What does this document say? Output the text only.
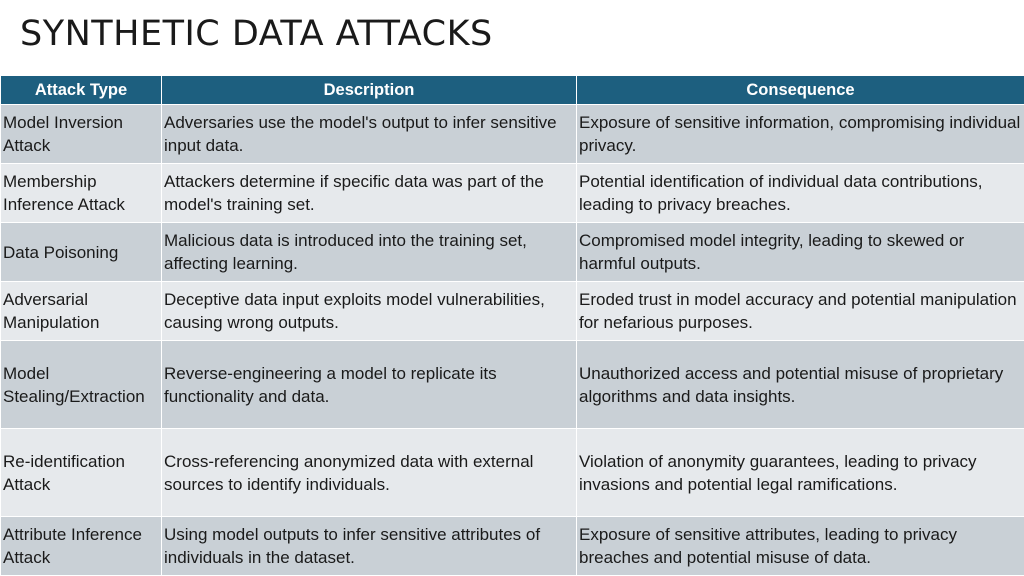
SYNTHETIC DATA ATTACKS
Attack Type	Description	Consequence
Model Inversion Attack	Adversaries use the model's output to infer sensitive input data.	Exposure of sensitive information, compromising individual privacy.
Membership Inference Attack	Attackers determine if specific data was part of the model's training set.	Potential identification of individual data contributions, leading to privacy breaches.
Data Poisoning	Malicious data is introduced into the training set, affecting learning.	Compromised model integrity, leading to skewed or harmful outputs.
Adversarial Manipulation	Deceptive data input exploits model vulnerabilities, causing wrong outputs.	Eroded trust in model accuracy and potential manipulation for nefarious purposes.
Model Stealing/Extraction	Reverse-engineering a model to replicate its functionality and data.	Unauthorized access and potential misuse of proprietary algorithms and data insights.
Re-identification Attack	Cross-referencing anonymized data with external sources to identify individuals.	Violation of anonymity guarantees, leading to privacy invasions and potential legal ramifications.
Attribute Inference Attack	Using model outputs to infer sensitive attributes of individuals in the dataset.	Exposure of sensitive attributes, leading to privacy breaches and potential misuse of data.
